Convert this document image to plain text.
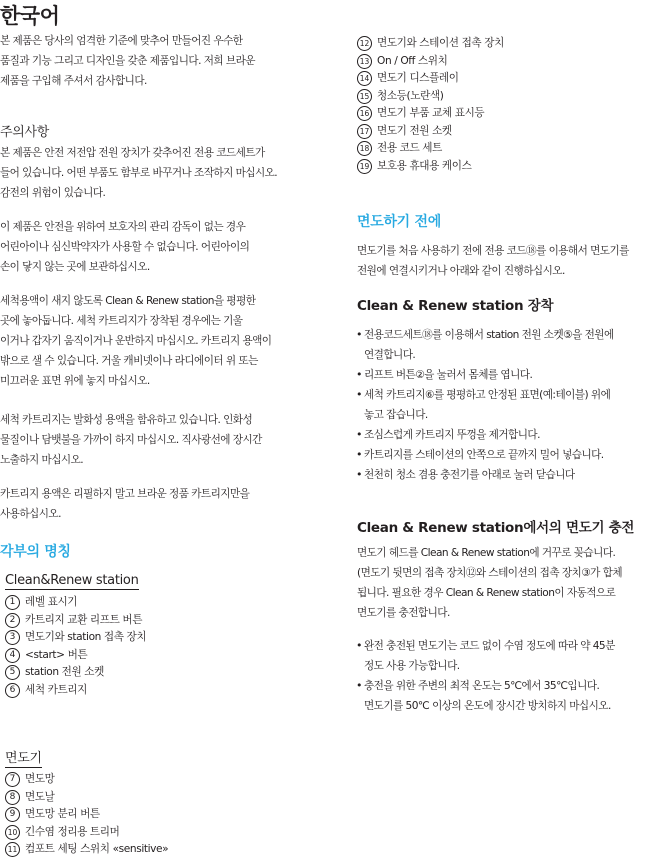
한국어
본 제품은 당사의 엄격한 기준에 맞추어 만들어진 우수한
품질과 기능 그리고 디자인을 갖춘 제품입니다. 저희 브라운
제품을 구입해 주셔서 감사합니다.
주의사항
본 제품은 안전 저전압 전원 장치가 갖추어진 전용 코드세트가
들어 있습니다. 어떤 부품도 함부로 바꾸거나 조작하지 마십시오.
감전의 위험이 있습니다.
이 제품은 안전을 위하여 보호자의 관리 감독이 없는 경우
어린아이나 심신박약자가 사용할 수 없습니다. 어린아이의
손이 닿지 않는 곳에 보관하십시오.
세척용액이 새지 않도록 Clean & Renew station을 평평한
곳에 놓아둡니다. 세척 카트리지가 장착된 경우에는 기울
이거나 갑자기 움직이거나 운반하지 마십시오. 카트리지 용액이
밖으로 샐 수 있습니다. 거울 캐비넷이나 라디에이터 위 또는
미끄러운 표면 위에 놓지 마십시오.
세척 카트리지는 발화성 용액을 함유하고 있습니다. 인화성
물질이나 담뱃불을 가까이 하지 마십시오. 직사광선에 장시간
노출하지 마십시오.
카트리지 용액은 리필하지 말고 브라운 정품 카트리지만을
사용하십시오.
각부의 명칭
Clean&Renew station
1 레벨 표시기
2 카트리지 교환 리프트 버튼
3 면도기와 station 접촉 장치
4 <start> 버튼
5 station 전원 소켓
6 세척 카트리지
면도기
7 면도망
8 면도날
9 면도망 분리 버튼
10 긴수염 정리용 트리머
11 컴포트 세팅 스위치 «sensitive»
12 면도기와 스테이션 접촉 장치
13 On / Off 스위치
14 면도기 디스플레이
15 청소등(노란색)
16 면도기 부품 교체 표시등
17 면도기 전원 소켓
18 전용 코드 세트
19 보호용 휴대용 케이스
면도하기 전에
면도기를 처음 사용하기 전에 전용 코드⑱를 이용해서 면도기를
전원에 연결시키거나 아래와 같이 진행하십시오.
Clean & Renew station 장착
• 전용코드세트⑱를 이용해서 station 전원 소켓⑤을 전원에
연결합니다.
• 리프트 버튼②을 눌러서 몸체를 엽니다.
• 세척 카트리지⑥를 평평하고 안정된 표면(예:테이블) 위에
놓고 잡습니다.
• 조심스럽게 카트리지 뚜껑을 제거합니다.
• 카트리지를 스테이션의 안쪽으로 끝까지 밀어 넣습니다.
• 천천히 청소 겸용 충전기를 아래로 눌러 닫습니다
Clean & Renew station에서의 면도기 충전
면도기 헤드를 Clean & Renew station에 거꾸로 꽂습니다.
(면도기 뒷면의 접촉 장치⑫와 스테이션의 접촉 장치③가 합체
됩니다. 필요한 경우 Clean & Renew station이 자동적으로
면도기를 충전합니다.
• 완전 충전된 면도기는 코드 없이 수염 정도에 따라 약 45분
정도 사용 가능합니다.
• 충전을 위한 주변의 최적 온도는 5℃에서 35℃입니다.
면도기를 50℃ 이상의 온도에 장시간 방치하지 마십시오.
